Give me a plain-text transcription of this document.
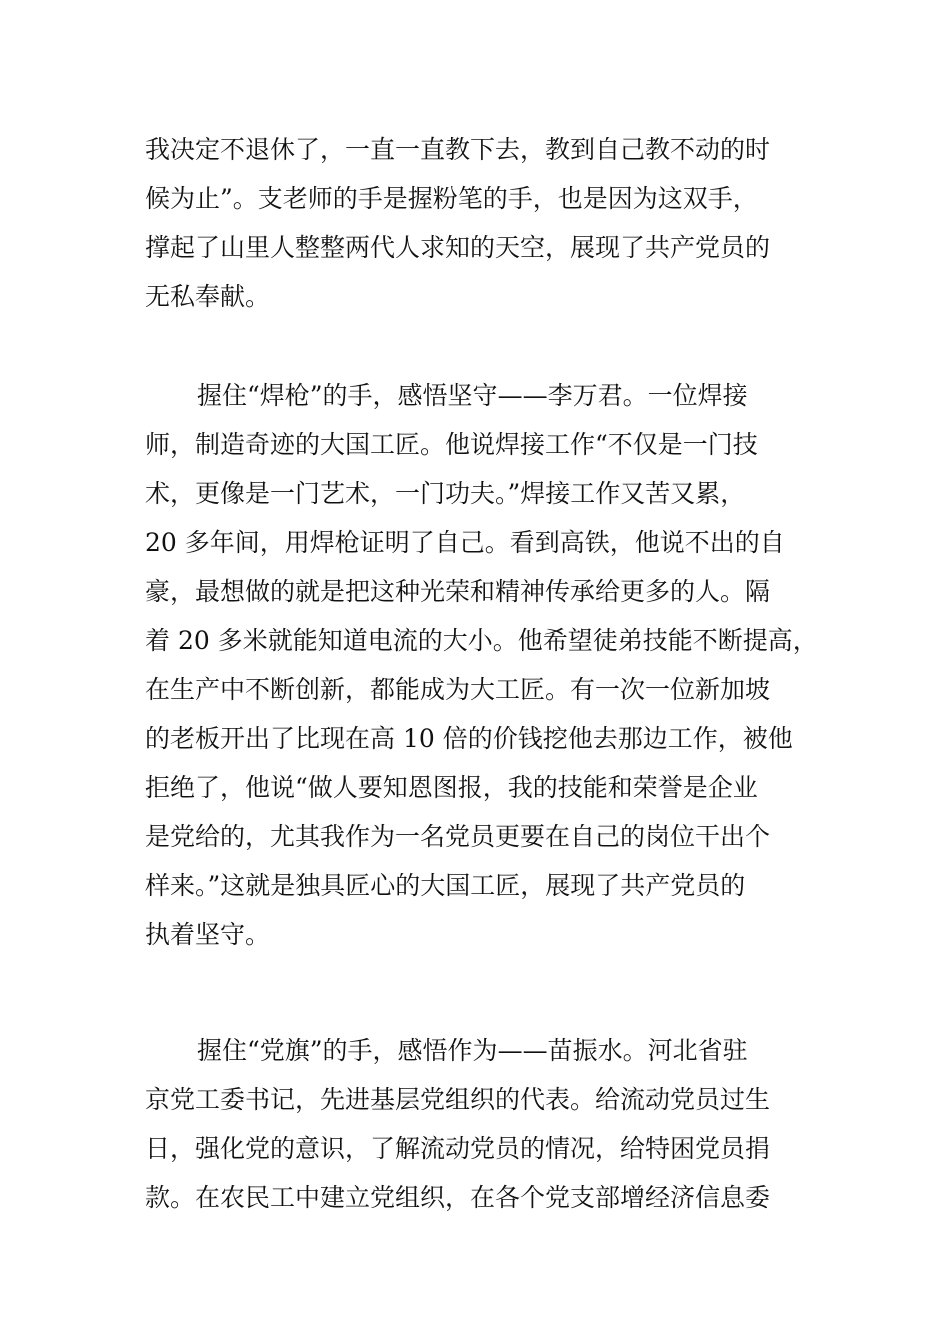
我决定不退休了，一直一直教下去，教到自己教不动的时
候为止”。支老师的手是握粉笔的手，也是因为这双手，
撑起了山里人整整两代人求知的天空，展现了共产党员的
无私奉献。
握住“焊枪”的手，感悟坚守——李万君。一位焊接
师，制造奇迹的大国工匠。他说焊接工作“不仅是一门技
术，更像是一门艺术，一门功夫。”焊接工作又苦又累，
20 多年间，用焊枪证明了自己。看到高铁，他说不出的自
豪，最想做的就是把这种光荣和精神传承给更多的人。隔
着 20 多米就能知道电流的大小。他希望徒弟技能不断提高，
在生产中不断创新，都能成为大工匠。有一次一位新加坡
的老板开出了比现在高 10 倍的价钱挖他去那边工作，被他
拒绝了，他说“做人要知恩图报，我的技能和荣誉是企业
是党给的，尤其我作为一名党员更要在自己的岗位干出个
样来。”这就是独具匠心的大国工匠，展现了共产党员的
执着坚守。
握住“党旗”的手，感悟作为——苗振水。河北省驻
京党工委书记，先进基层党组织的代表。给流动党员过生
日，强化党的意识，了解流动党员的情况，给特困党员捐
款。在农民工中建立党组织，在各个党支部增经济信息委
